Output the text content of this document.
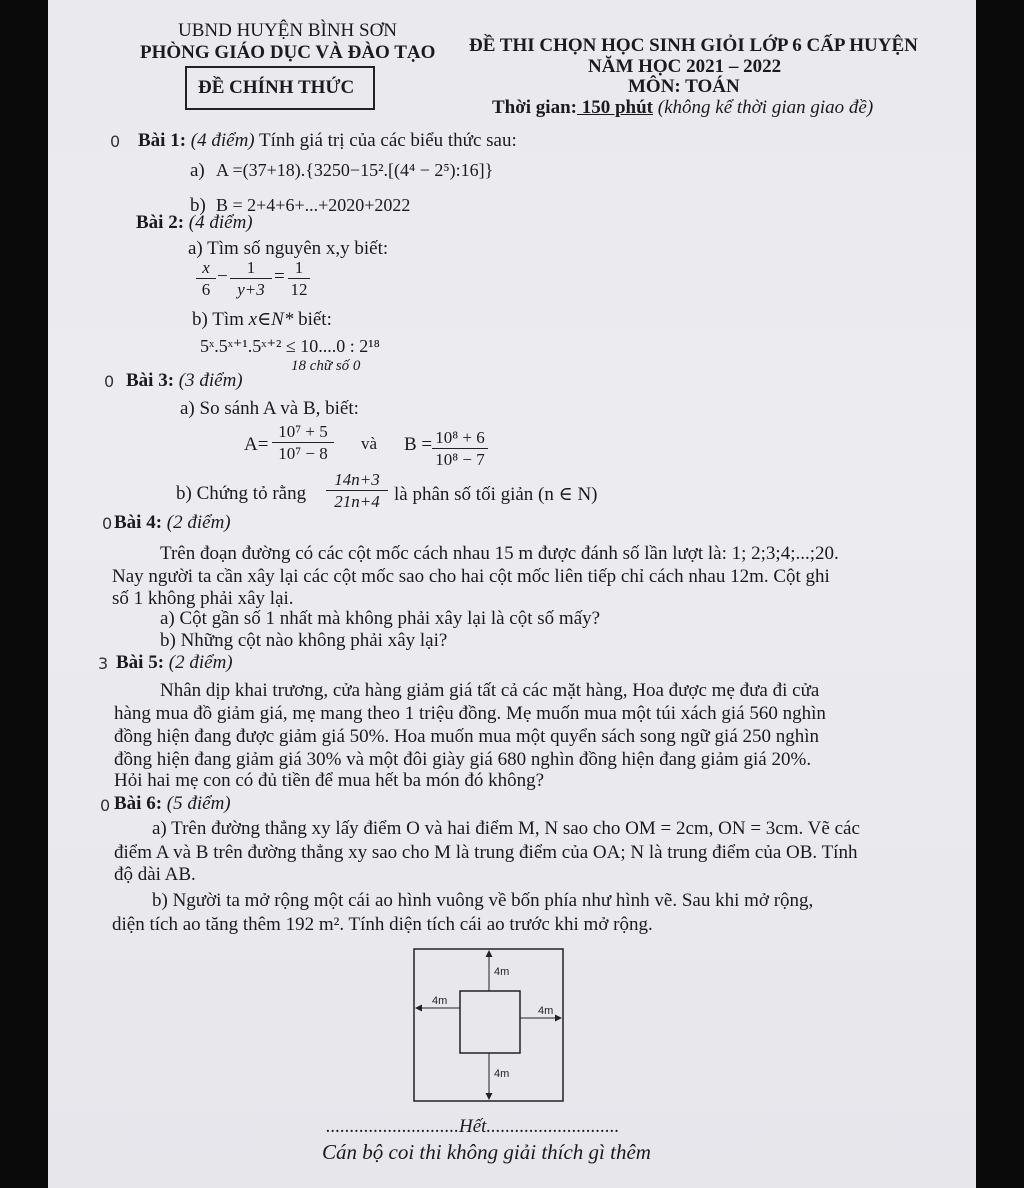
UBND HUYỆN BÌNH SƠN
PHÒNG GIÁO DỤC VÀ ĐÀO TẠO
ĐỀ CHÍNH THỨC
ĐỀ THI CHỌN HỌC SINH GIỎI LỚP 6 CẤP HUYỆN
NĂM HỌC 2021 – 2022
MÔN: TOÁN
Thời gian: 150 phút (không kể thời gian giao đề)
0 Bài 1: (4 điểm) Tính giá trị của các biểu thức sau:
a) A =(37+18).{3250−15².[(4⁴ − 2⁵):16]}
b) B = 2+4+6+...+2020+2022
Bài 2: (4 điểm)
a) Tìm số nguyên x,y biết:
$\frac{x}{6} - \frac{1}{y+3} = \frac{1}{12}$
b) Tìm x∈N* biết:
5ˣ.5ˣ⁺¹.5ˣ⁺² ≤ 10....0 : 2¹⁸
18 chữ số 0
0 Bài 3: (3 điểm)
a) So sánh A và B, biết:
$A= \frac{\text{10⁷ + 5}}{\text{10⁷ − 8}}$ và $B = \frac{\text{10⁸ + 6}}{\text{10⁸ − 7}}$
b) Chứng tỏ rằng $\frac{14n+3}{21n+4}$ là phân số tối giản (n ∈ N)
0 Bài 4: (2 điểm)
Trên đoạn đường có các cột mốc cách nhau 15 m được đánh số lần lượt là: 1; 2;3;4;...;20.
Nay người ta cần xây lại các cột mốc sao cho hai cột mốc liên tiếp chỉ cách nhau 12m. Cột ghi
số 1 không phải xây lại.
a) Cột gần số 1 nhất mà không phải xây lại là cột số mấy?
b) Những cột nào không phải xây lại?
3 Bài 5: (2 điểm)
Nhân dịp khai trương, cửa hàng giảm giá tất cả các mặt hàng, Hoa được mẹ đưa đi cửa
hàng mua đồ giảm giá, mẹ mang theo 1 triệu đồng. Mẹ muốn mua một túi xách giá 560 nghìn
đồng hiện đang được giảm giá 50%. Hoa muốn mua một quyển sách song ngữ giá 250 nghìn
đồng hiện đang giảm giá 30% và một đôi giày giá 680 nghìn đồng hiện đang giảm giá 20%.
Hỏi hai mẹ con có đủ tiền để mua hết ba món đó không?
0 Bài 6: (5 điểm)
a) Trên đường thẳng xy lấy điểm O và hai điểm M, N sao cho OM = 2cm, ON = 3cm. Vẽ các
điểm A và B trên đường thẳng xy sao cho M là trung điểm của OA; N là trung điểm của OB. Tính
độ dài AB.
b) Người ta mở rộng một cái ao hình vuông về bốn phía như hình vẽ. Sau khi mở rộng,
diện tích ao tăng thêm 192 m². Tính diện tích cái ao trước khi mở rộng.
4m
4m
4m
4m
............................Hết............................
Cán bộ coi thi không giải thích gì thêm
